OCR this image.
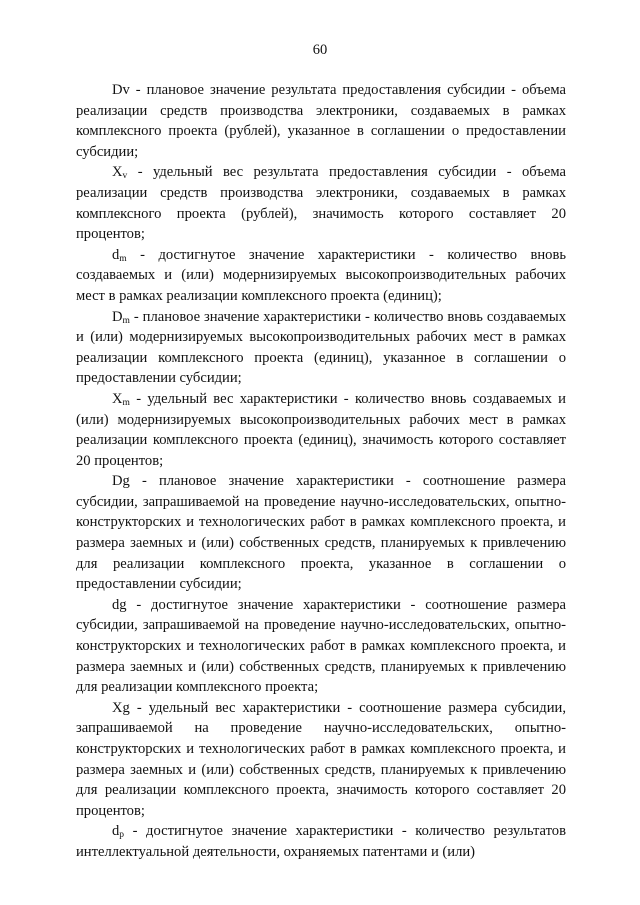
60

Dv - плановое значение результата предоставления субсидии - объема реализации средств производства электроники, создаваемых в рамках комплексного проекта (рублей), указанное в соглашении о предоставлении субсидии;

$X_v$ - удельный вес результата предоставления субсидии - объема реализации средств производства электроники, создаваемых в рамках комплексного проекта (рублей), значимость которого составляет 20 процентов;

$d_m$ - достигнутое значение характеристики - количество вновь создаваемых и (или) модернизируемых высокопроизводительных рабочих мест в рамках реализации комплексного проекта (единиц);

$D_m$ - плановое значение характеристики - количество вновь создаваемых и (или) модернизируемых высокопроизводительных рабочих мест в рамках реализации комплексного проекта (единиц), указанное в соглашении о предоставлении субсидии;

$X_m$ - удельный вес характеристики - количество вновь создаваемых и (или) модернизируемых высокопроизводительных рабочих мест в рамках реализации комплексного проекта (единиц), значимость которого составляет 20 процентов;

Dg - плановое значение характеристики - соотношение размера субсидии, запрашиваемой на проведение научно-исследовательских, опытно-конструкторских и технологических работ в рамках комплексного проекта, и размера заемных и (или) собственных средств, планируемых к привлечению для реализации комплексного проекта, указанное в соглашении о предоставлении субсидии;

dg - достигнутое значение характеристики - соотношение размера субсидии, запрашиваемой на проведение научно-исследовательских, опытно-конструкторских и технологических работ в рамках комплексного проекта, и размера заемных и (или) собственных средств, планируемых к привлечению для реализации комплексного проекта;

Xg - удельный вес характеристики - соотношение размера субсидии, запрашиваемой на проведение научно-исследовательских, опытно-конструкторских и технологических работ в рамках комплексного проекта, и размера заемных и (или) собственных средств, планируемых к привлечению для реализации комплексного проекта, значимость которого составляет 20 процентов;

$d_p$ - достигнутое значение характеристики - количество результатов интеллектуальной деятельности, охраняемых патентами и (или)
